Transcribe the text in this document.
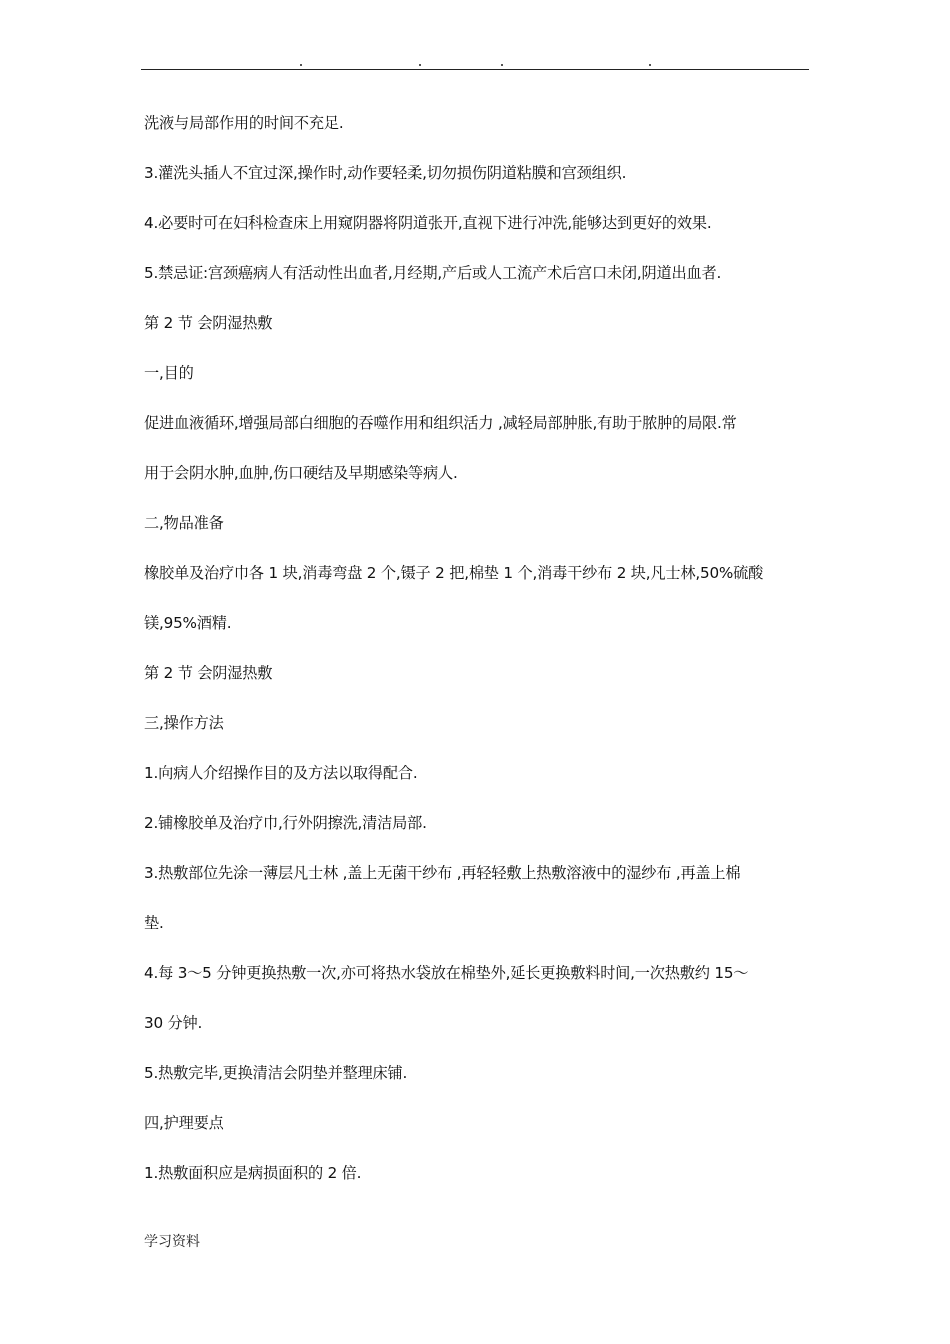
洗液与局部作用的时间不充足.
3.灌洗头插人不宜过深,操作时,动作要轻柔,切勿损伤阴道粘膜和宫颈组织.
4.必要时可在妇科检查床上用窥阴器将阴道张开,直视下进行冲洗,能够达到更好的效果.
5.禁忌证:宫颈癌病人有活动性出血者,月经期,产后或人工流产术后宫口未闭,阴道出血者.
第 2 节 会阴湿热敷
一,目的
促进血液循环,增强局部白细胞的吞噬作用和组织活力 ,减轻局部肿胀,有助于脓肿的局限.常
用于会阴水肿,血肿,伤口硬结及早期感染等病人.
二,物品准备
橡胶单及治疗巾各 1 块,消毒弯盘 2 个,镊子 2 把,棉垫 1 个,消毒干纱布 2 块,凡士林,50%硫酸
镁,95%酒精.
第 2 节 会阴湿热敷
三,操作方法
1.向病人介绍操作目的及方法以取得配合.
2.铺橡胶单及治疗巾,行外阴擦洗,清洁局部.
3.热敷部位先涂一薄层凡士林 ,盖上无菌干纱布 ,再轻轻敷上热敷溶液中的湿纱布 ,再盖上棉
垫.
4.每 3～5 分钟更换热敷一次,亦可将热水袋放在棉垫外,延长更换敷料时间,一次热敷约 15～
30 分钟.
5.热敷完毕,更换清洁会阴垫并整理床铺.
四,护理要点
1.热敷面积应是病损面积的 2 倍.
学习资料
